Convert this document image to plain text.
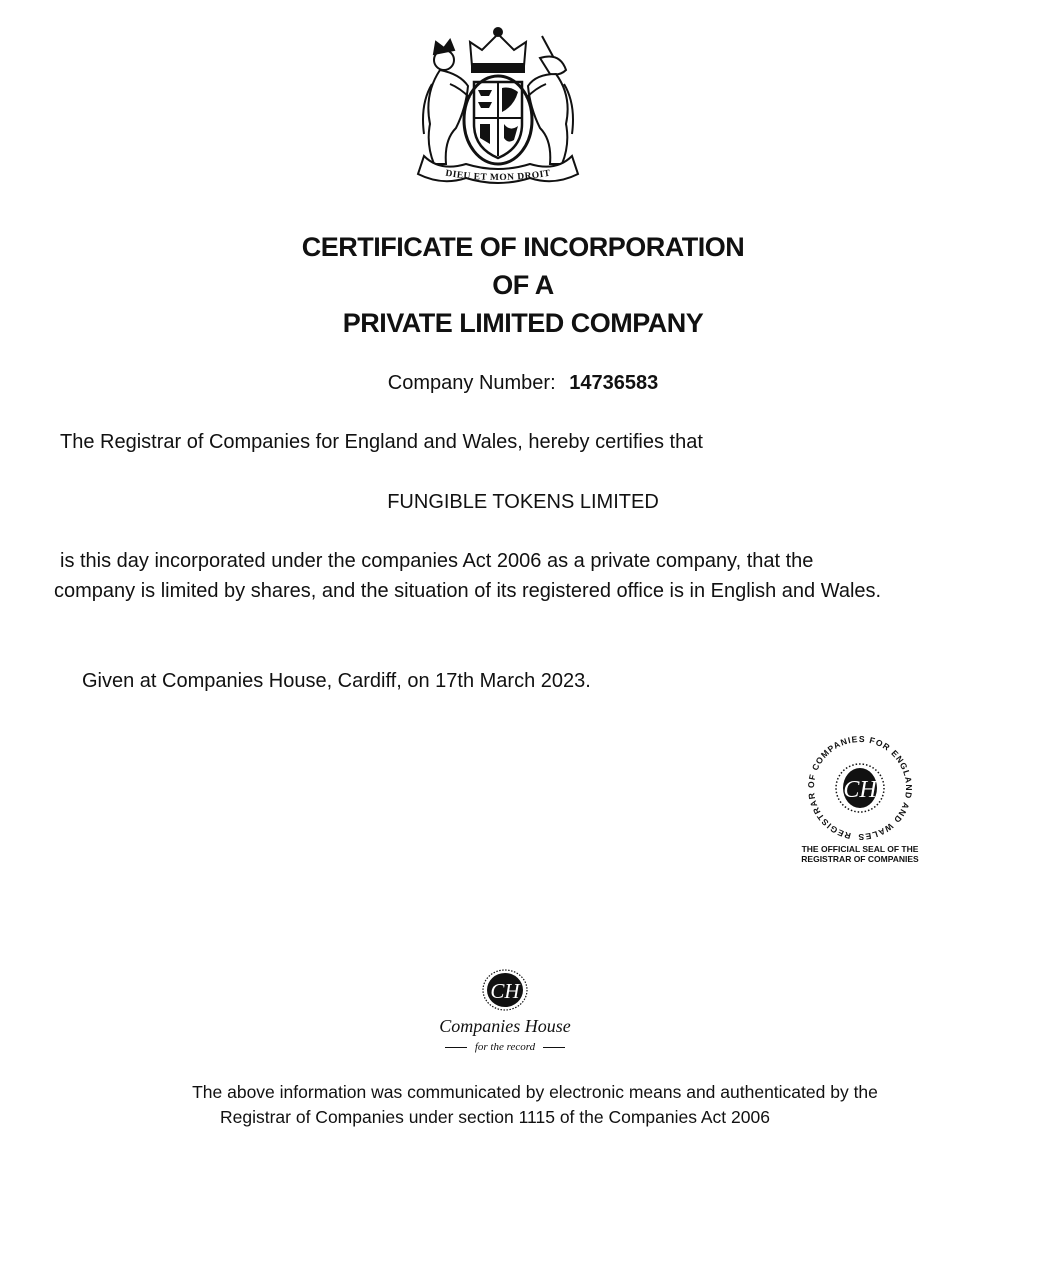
DIEU ET MON DROIT
CERTIFICATE OF INCORPORATION
OF A
PRIVATE LIMITED COMPANY
Company Number: 14736583
The Registrar of Companies for England and Wales, hereby certifies that
FUNGIBLE TOKENS LIMITED
is this day incorporated under the companies Act 2006 as a private company, that the
company is limited by shares, and the situation of its registered office is in English and Wales.
Given at Companies House, Cardiff, on 17th March 2023.
REGISTRAR OF COMPANIES FOR ENGLAND AND WALES
CH
THE OFFICIAL SEAL OF THE
REGISTRAR OF COMPANIES
CH
Companies House
for the record
The above information was communicated by electronic means and authenticated by the
Registrar of Companies under section 1115 of the Companies Act 2006
